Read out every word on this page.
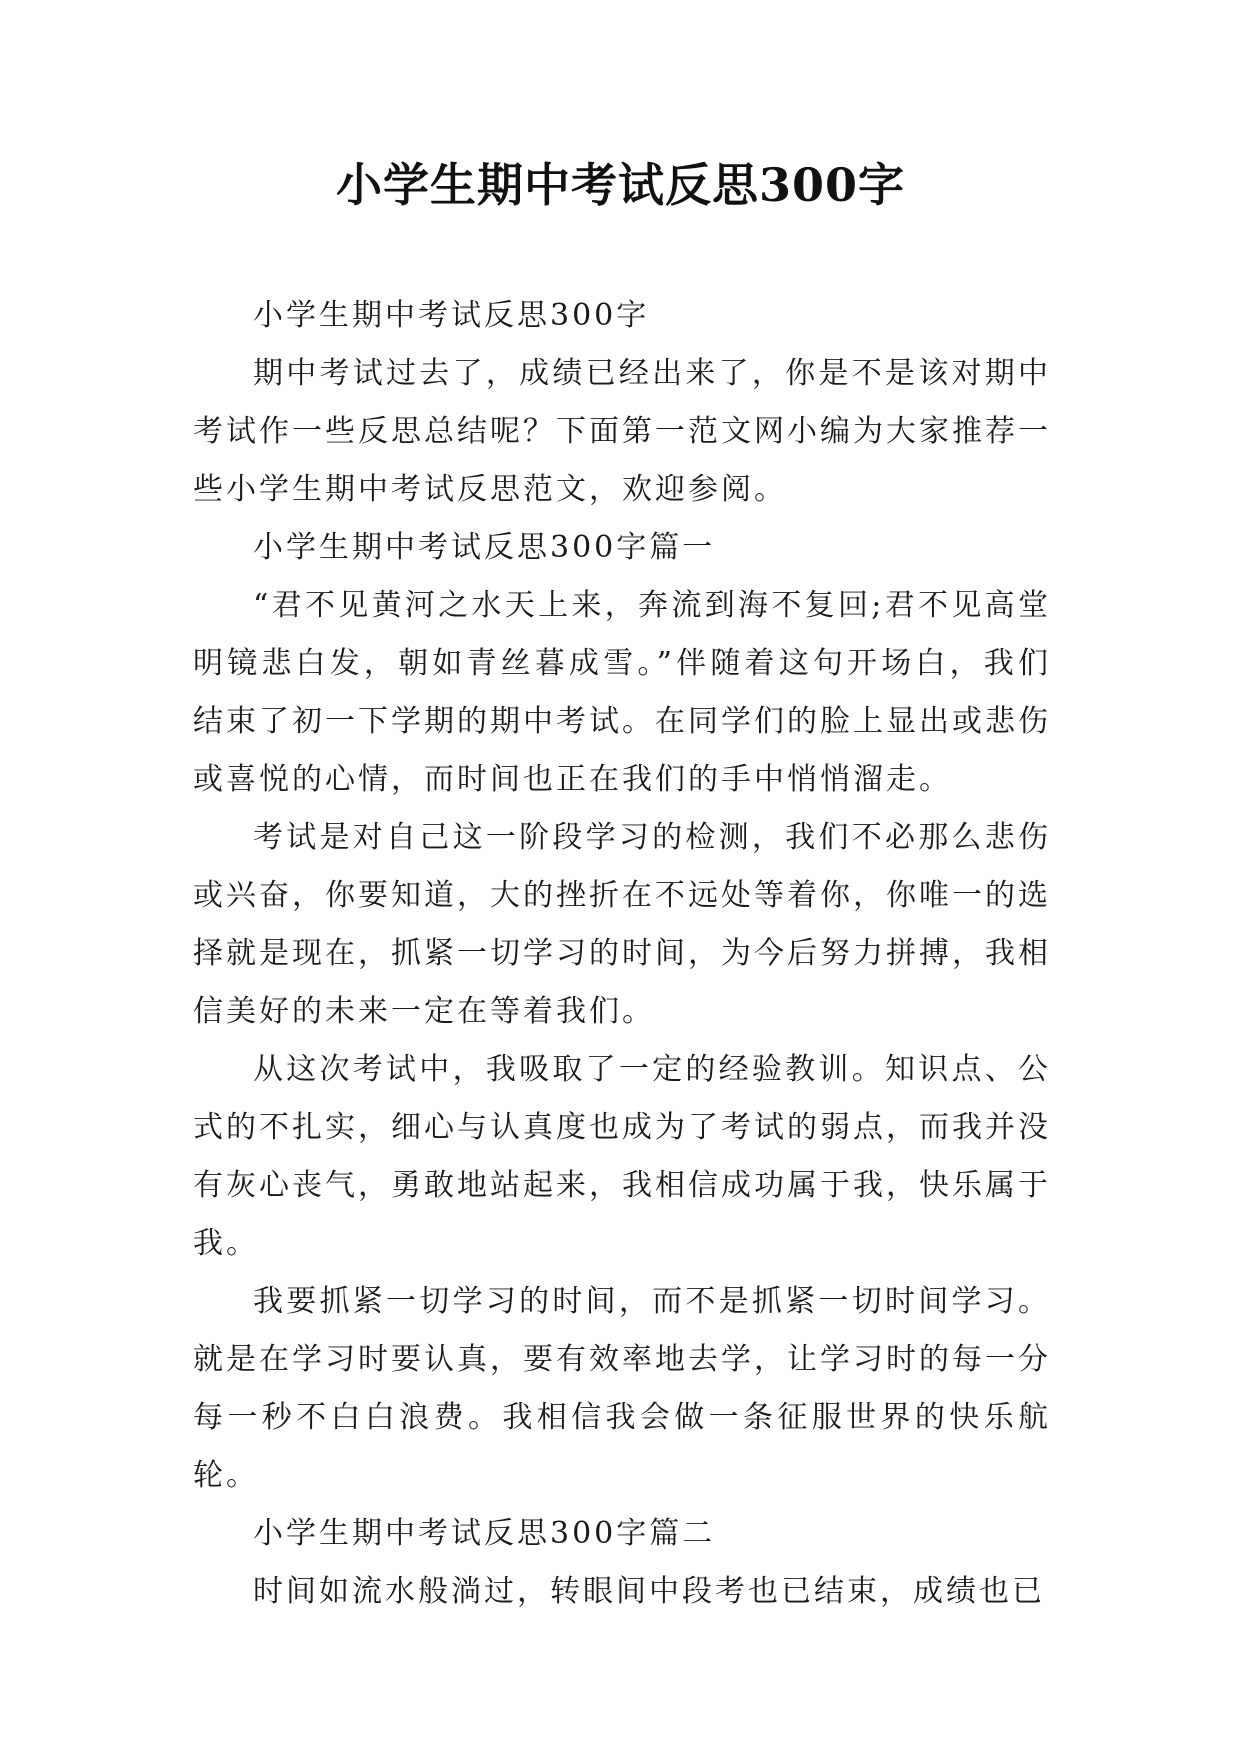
小学生期中考试反思300字

小学生期中考试反思300字

期中考试过去了，成绩已经出来了，你是不是该对期中考试作一些反思总结呢？下面第一范文网小编为大家推荐一些小学生期中考试反思范文，欢迎参阅。

小学生期中考试反思300字篇一

“君不见黄河之水天上来，奔流到海不复回;君不见高堂明镜悲白发，朝如青丝暮成雪。”伴随着这句开场白，我们结束了初一下学期的期中考试。在同学们的脸上显出或悲伤或喜悦的心情，而时间也正在我们的手中悄悄溜走。

考试是对自己这一阶段学习的检测，我们不必那么悲伤或兴奋，你要知道，大的挫折在不远处等着你，你唯一的选择就是现在，抓紧一切学习的时间，为今后努力拼搏，我相信美好的未来一定在等着我们。

从这次考试中，我吸取了一定的经验教训。知识点、公式的不扎实，细心与认真度也成为了考试的弱点，而我并没有灰心丧气，勇敢地站起来，我相信成功属于我，快乐属于我。

我要抓紧一切学习的时间，而不是抓紧一切时间学习。就是在学习时要认真，要有效率地去学，让学习时的每一分每一秒不白白浪费。我相信我会做一条征服世界的快乐航轮。

小学生期中考试反思300字篇二

时间如流水般淌过，转眼间中段考也已结束，成绩也已
